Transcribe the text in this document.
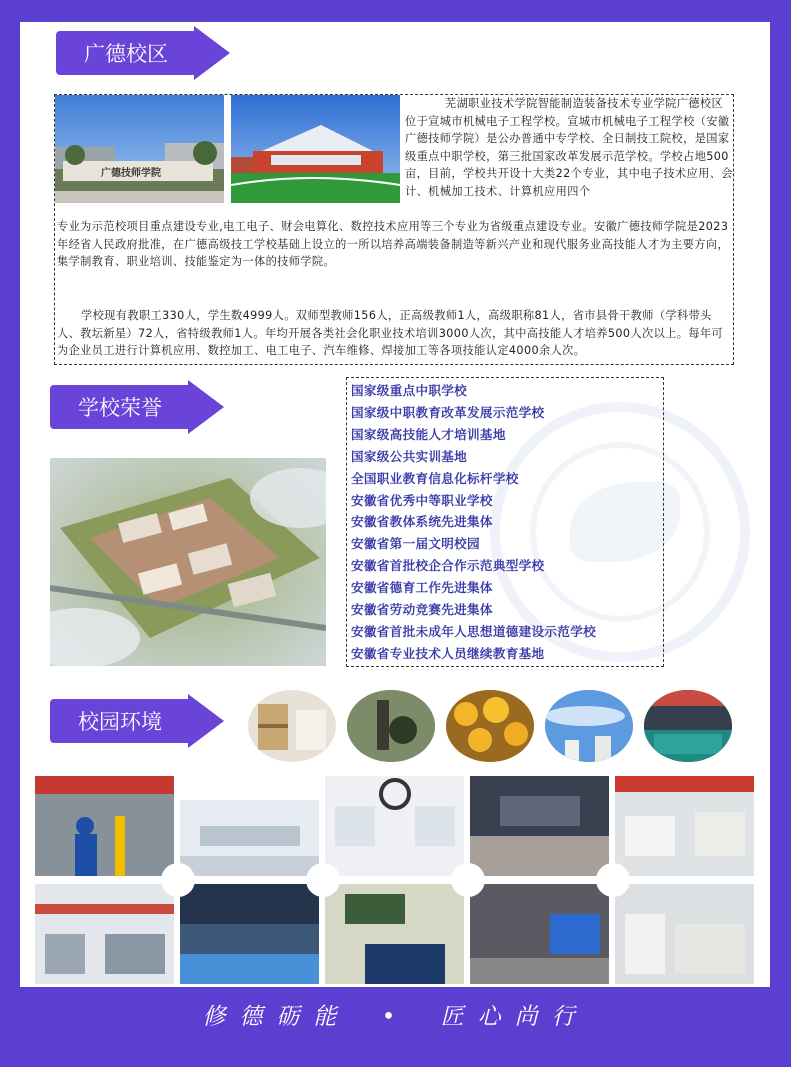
广德校区
广德技师学院
芜湖职业技术学院智能制造装备技术专业学院广德校区位于宣城市机械电子工程学校。宣城市机械电子工程学校（安徽广德技师学院）是公办普通中专学校、全日制技工院校，是国家级重点中职学校，第三批国家改革发展示范学校。学校占地500亩，目前，学校共开设十大类22个专业，其中电子技术应用、会计、机械加工技术、计算机应用四个
专业为示范校项目重点建设专业,电工电子、财会电算化、数控技术应用等三个专业为省级重点建设专业。安徽广德技师学院是2023年经省人民政府批准，在广德高级技工学校基础上设立的一所以培养高端装备制造等新兴产业和现代服务业高技能人才为主要方向，集学制教育、职业培训、技能鉴定为一体的技师学院。
学校现有教职工330人，学生数4999人。双师型教师156人，正高级教师1人，高级职称81人，省市县骨干教师（学科带头人、教坛新星）72人，省特级教师1人。年均开展各类社会化职业技术培训3000人次，其中高技能人才培养500人次以上。每年可为企业员工进行计算机应用、数控加工、电工电子、汽车维修、焊接加工等各项技能认定4000余人次。
学校荣誉
国家级重点中职学校
国家级中职教育改革发展示范学校
国家级高技能人才培训基地
国家级公共实训基地
全国职业教育信息化标杆学校
安徽省优秀中等职业学校
安徽省教体系统先进集体
安徽省第一届文明校园
安徽省首批校企合作示范典型学校
安徽省德育工作先进集体
安徽省劳动竞赛先进集体
安徽省首批未成年人思想道德建设示范学校
安徽省专业技术人员继续教育基地
校园环境
修德砺能 • 匠心尚行
